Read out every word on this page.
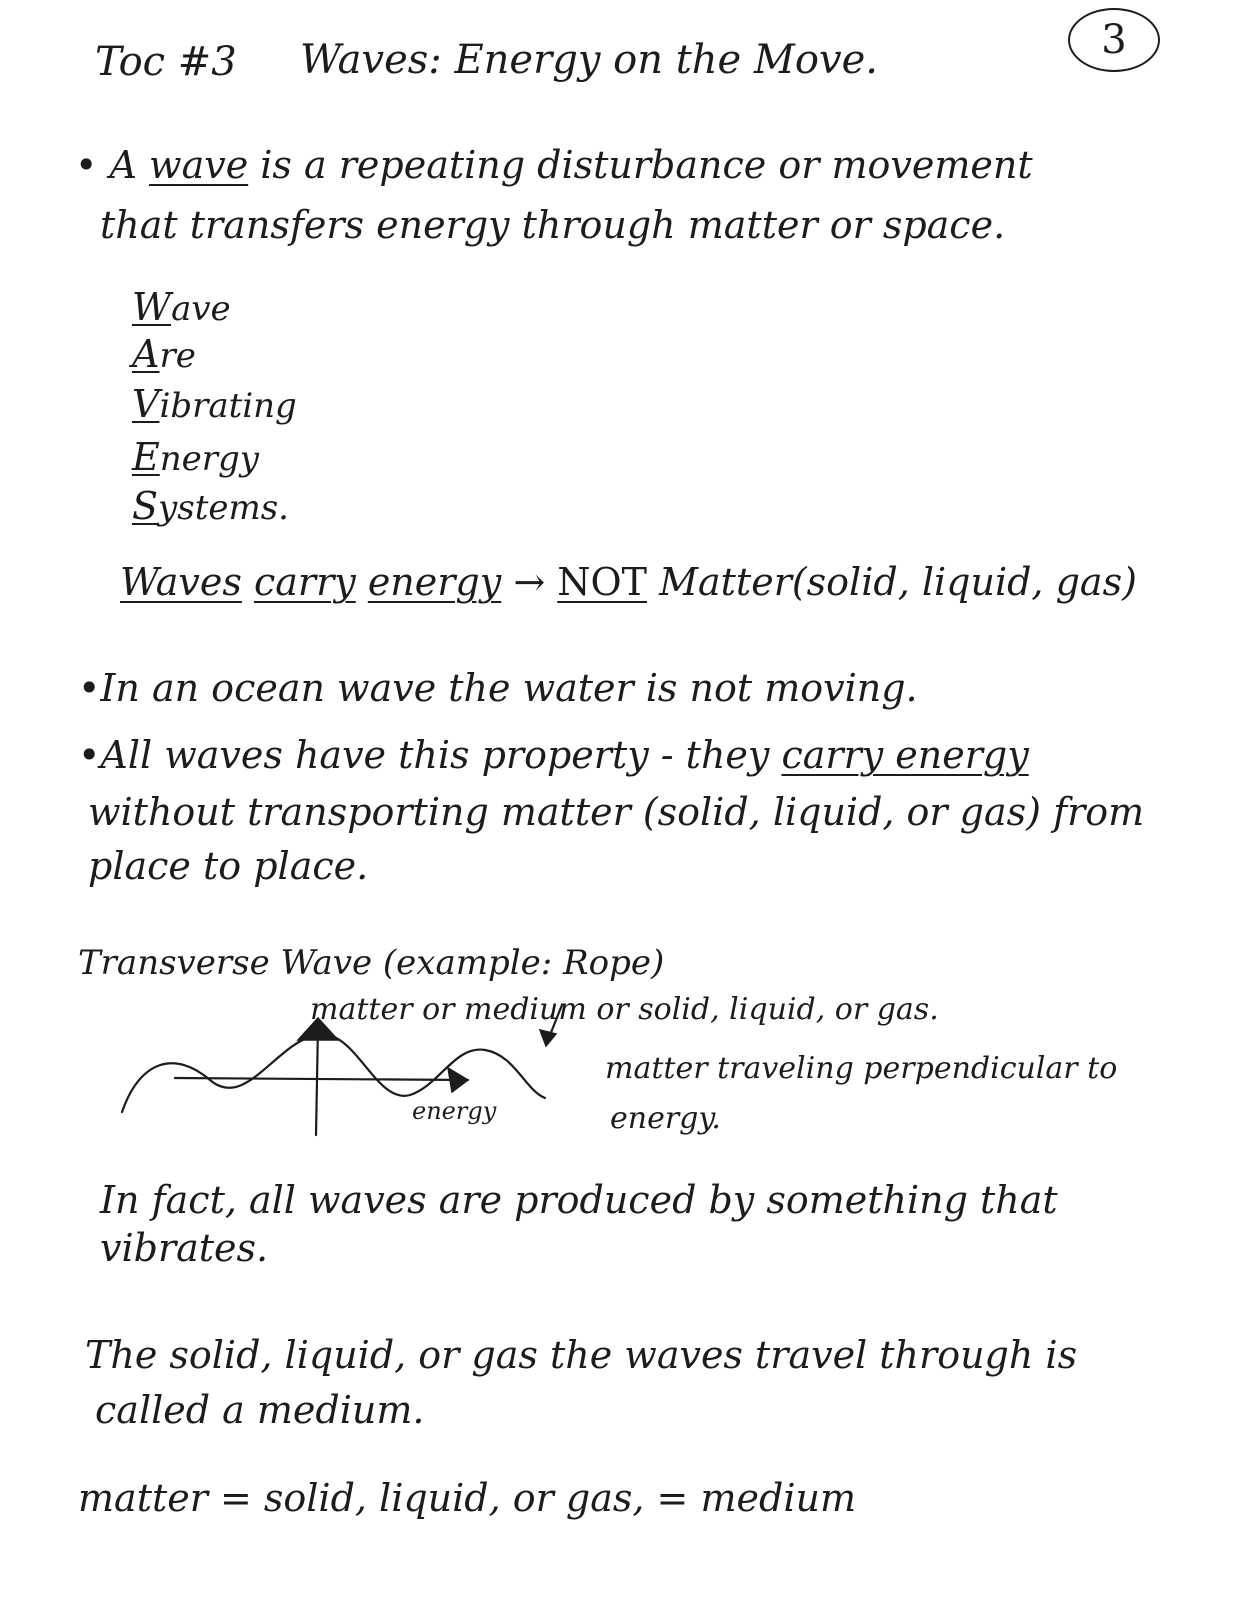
Toc #3 Waves: Energy on the Move.	3
• A wave is a repeating disturbance or movement
that transfers energy through matter or space.
Wave
Are
Vibrating
Energy
Systems.
Waves carry energy → NOT Matter(solid, liquid, gas)
•In an ocean wave the water is not moving.
•All waves have this property - they carry energy
without transporting matter (solid, liquid, or gas) from
place to place.
Transverse Wave (example: Rope)
matter or medium or solid, liquid, or gas.
matter traveling perpendicular to
energy.
energy
In fact, all waves are produced by something that
vibrates.
The solid, liquid, or gas the waves travel through is
called a medium.
matter = solid, liquid, or gas, = medium
